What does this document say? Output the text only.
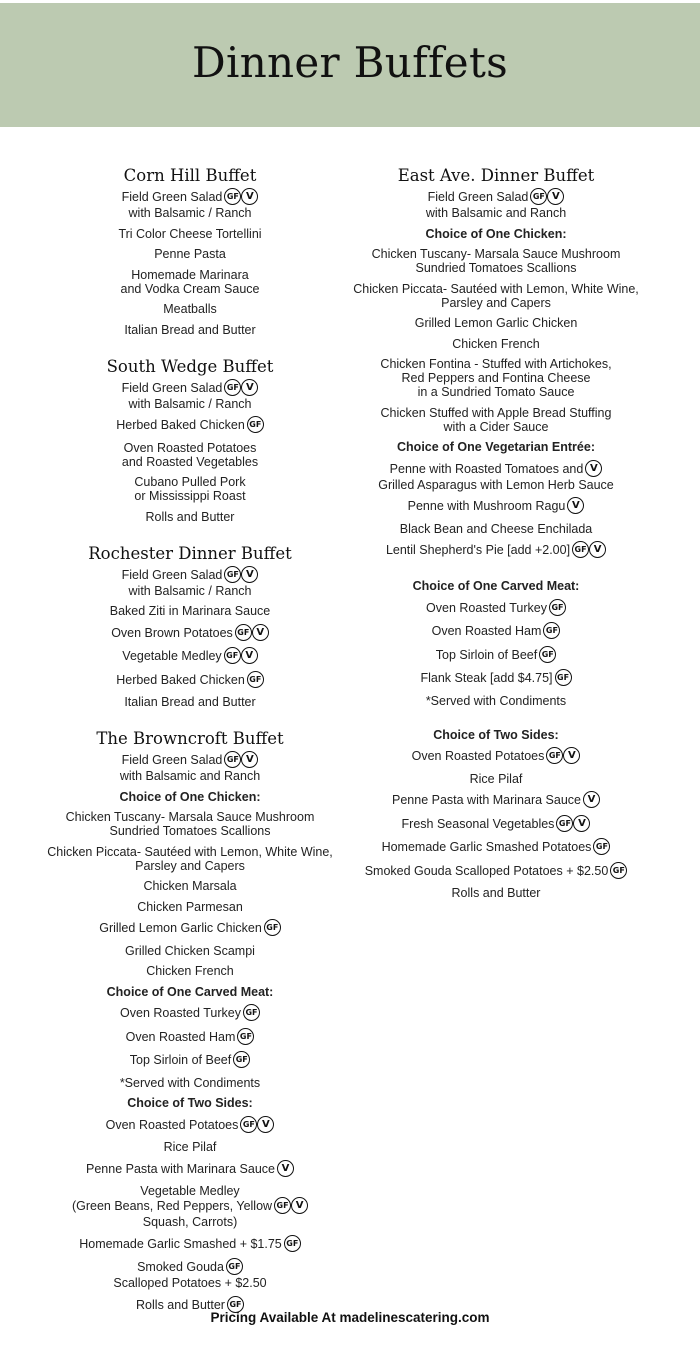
Dinner Buffets
Corn Hill Buffet
Field Green Salad GF V
with Balsamic / Ranch
Tri Color Cheese Tortellini
Penne Pasta
Homemade Marinara
and Vodka Cream Sauce
Meatballs
Italian Bread and Butter
South Wedge Buffet
Field Green Salad GF V
with Balsamic / Ranch
Herbed Baked Chicken GF
Oven Roasted Potatoes
and Roasted Vegetables
Cubano Pulled Pork
or Mississippi Roast
Rolls and Butter
Rochester Dinner Buffet
Field Green Salad GF V
with Balsamic / Ranch
Baked Ziti in Marinara Sauce
Oven Brown Potatoes GF V
Vegetable Medley GF V
Herbed Baked Chicken GF
Italian Bread and Butter
The Browncroft Buffet
Field Green Salad GF V
with Balsamic and Ranch
Choice of One Chicken:
Chicken Tuscany- Marsala Sauce Mushroom
Sundried Tomatoes Scallions
Chicken Piccata- Sautéed with Lemon, White Wine,
Parsley and Capers
Chicken Marsala
Chicken Parmesan
Grilled Lemon Garlic Chicken GF
Grilled Chicken Scampi
Chicken French
Choice of One Carved Meat:
Oven Roasted Turkey GF
Oven Roasted Ham GF
Top Sirloin of Beef GF
*Served with Condiments
Choice of Two Sides:
Oven Roasted Potatoes GF V
Rice Pilaf
Penne Pasta with Marinara Sauce V
Vegetable Medley
(Green Beans, Red Peppers, Yellow GF V
Squash, Carrots)
Homemade Garlic Smashed + $1.75 GF
Smoked Gouda GF
Scalloped Potatoes + $2.50
Rolls and Butter GF
East Ave. Dinner Buffet
Field Green Salad GF V
with Balsamic and Ranch
Choice of One Chicken:
Chicken Tuscany- Marsala Sauce Mushroom
Sundried Tomatoes Scallions
Chicken Piccata- Sautéed with Lemon, White Wine,
Parsley and Capers
Grilled Lemon Garlic Chicken
Chicken French
Chicken Fontina - Stuffed with Artichokes,
Red Peppers and Fontina Cheese
in a Sundried Tomato Sauce
Chicken Stuffed with Apple Bread Stuffing
with a Cider Sauce
Choice of One Vegetarian Entrée:
Penne with Roasted Tomatoes and V
Grilled Asparagus with Lemon Herb Sauce
Penne with Mushroom Ragu V
Black Bean and Cheese Enchilada
Lentil Shepherd's Pie [add +2.00] GF V
Choice of One Carved Meat:
Oven Roasted Turkey GF
Oven Roasted Ham GF
Top Sirloin of Beef GF
Flank Steak [add $4.75] GF
*Served with Condiments
Choice of Two Sides:
Oven Roasted Potatoes GF V
Rice Pilaf
Penne Pasta with Marinara Sauce V
Fresh Seasonal Vegetables GF V
Homemade Garlic Smashed Potatoes GF
Smoked Gouda Scalloped Potatoes + $2.50 GF
Rolls and Butter
Pricing Available At madelinescatering.com
